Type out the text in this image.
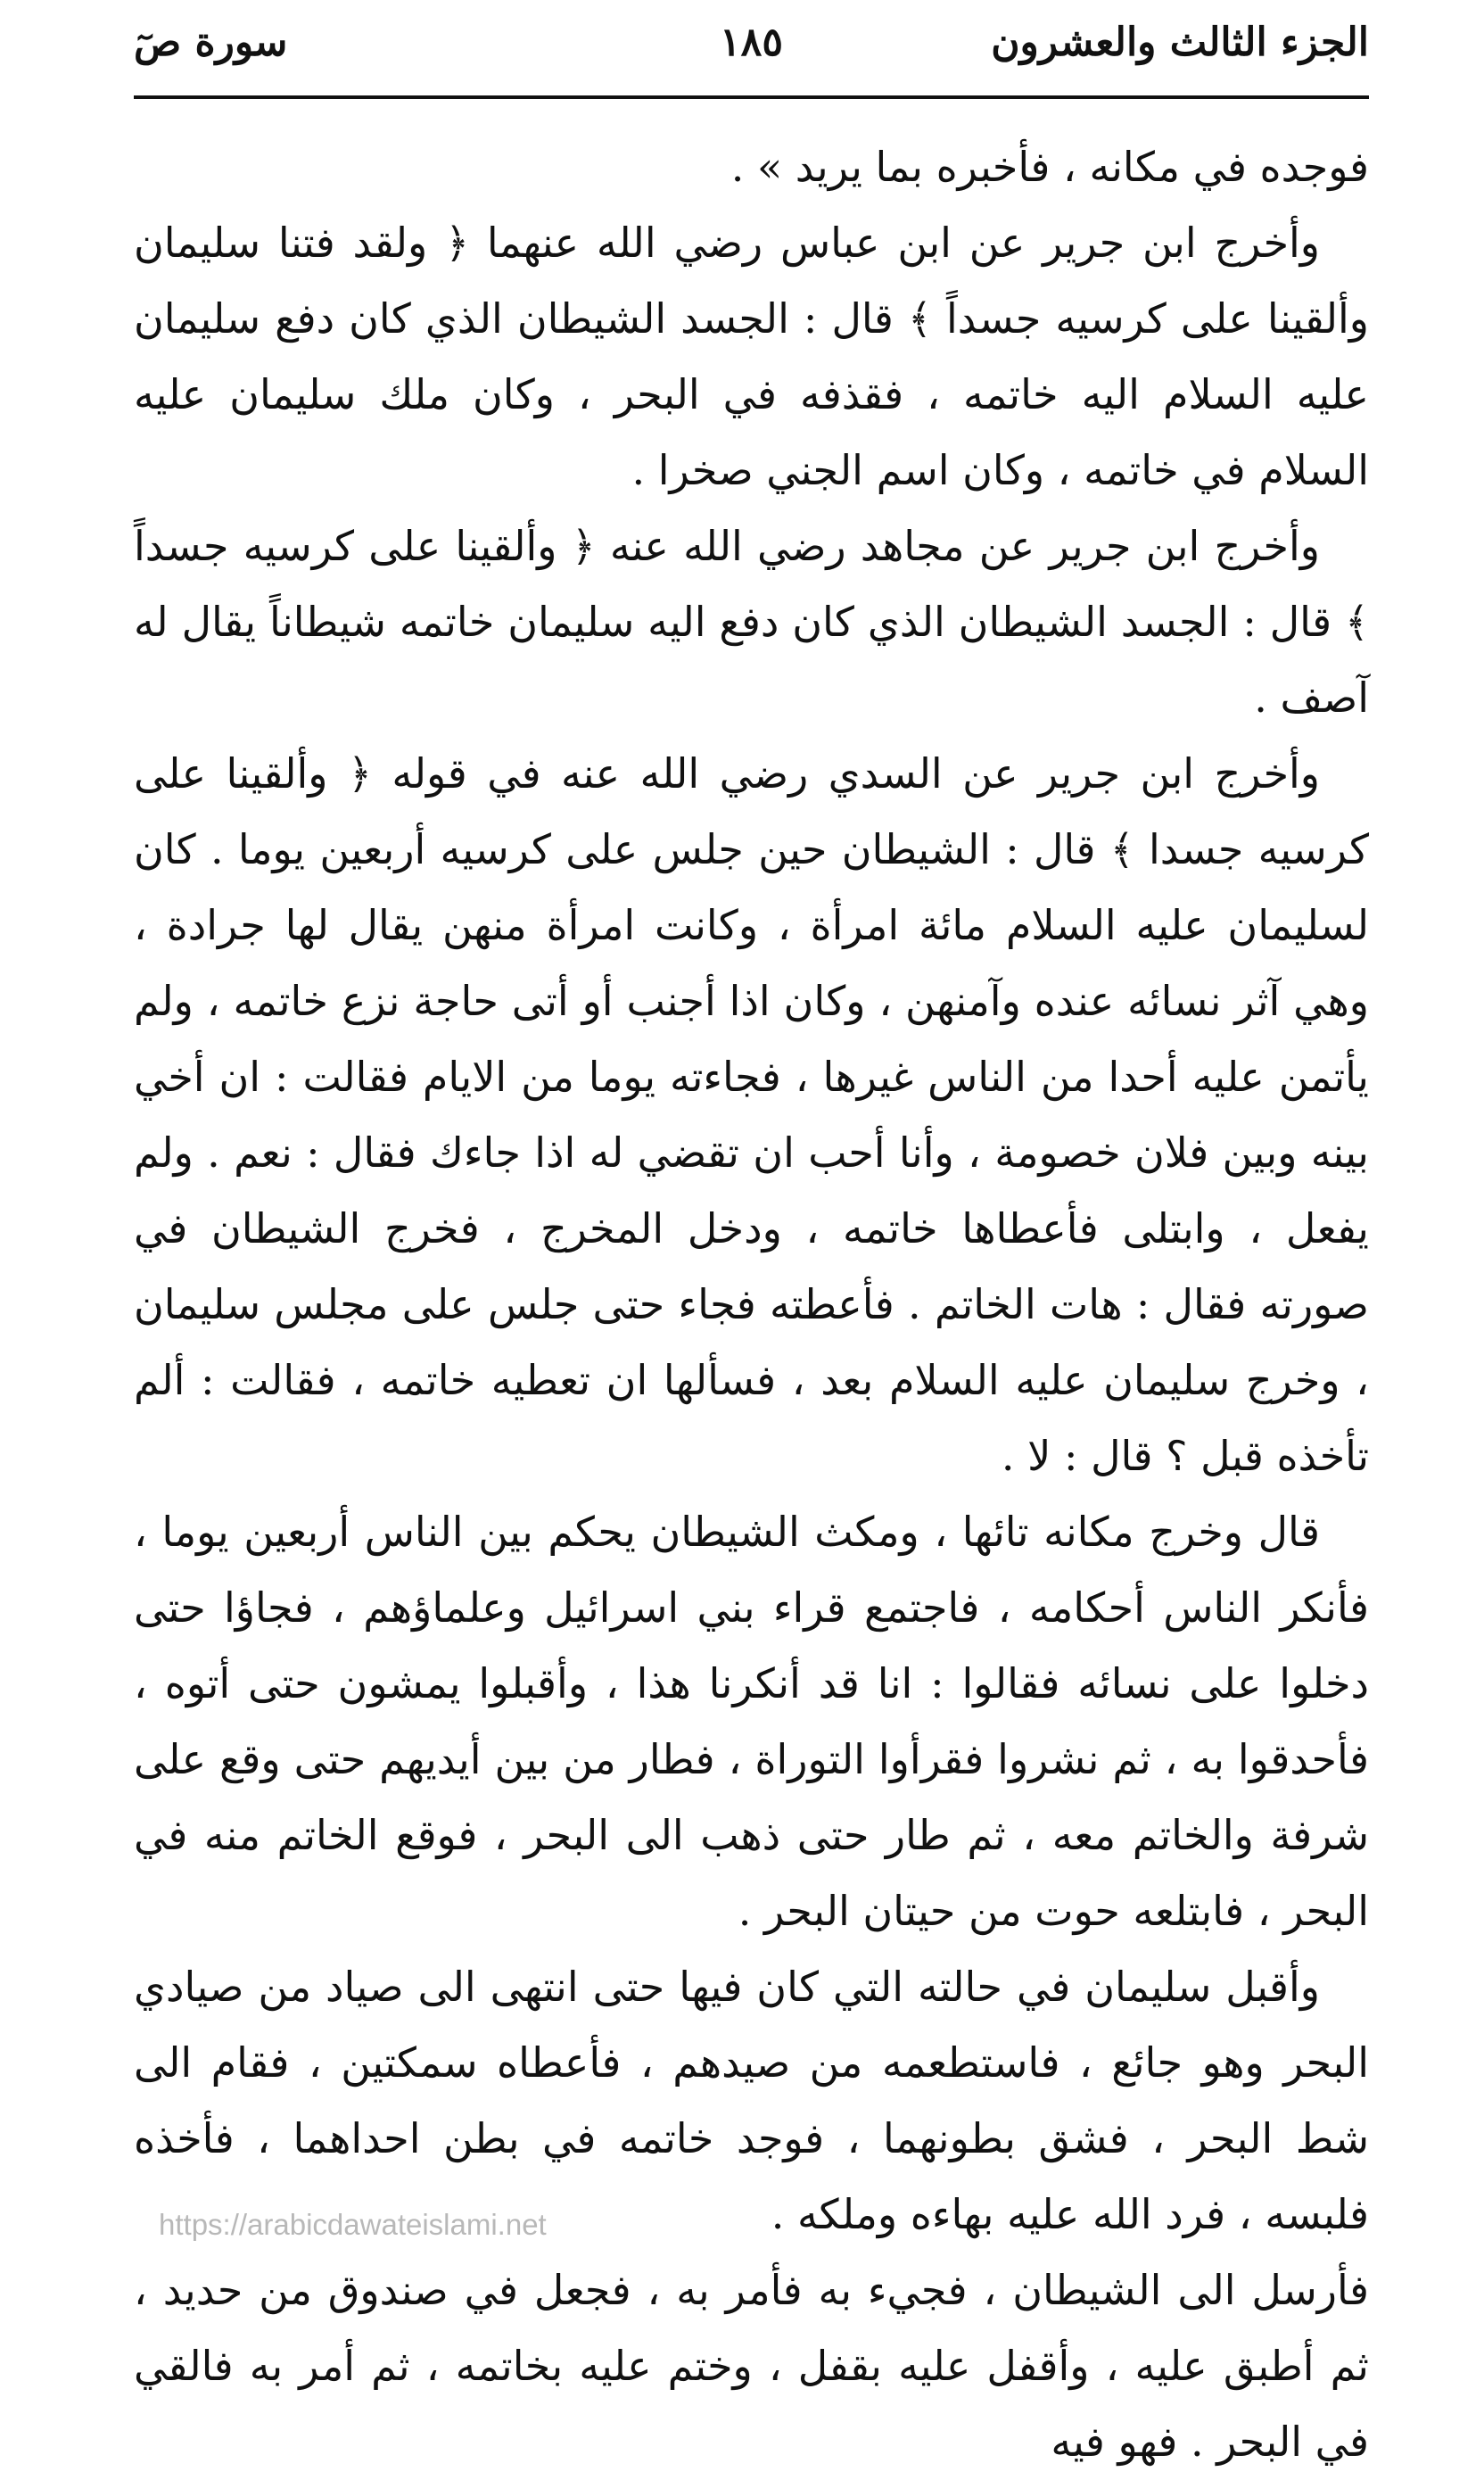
الجزء الثالث والعشرون
١٨٥
سورة صٓ

فوجده في مكانه ، فأخبره بما يريد » .

وأخرج ابن جرير عن ابن عباس رضي الله عنهما ﴿ ولقد فتنا سليمان وألقينا على كرسيه جسداً ﴾ قال : الجسد الشيطان الذي كان دفع سليمان عليه السلام اليه خاتمه ، فقذفه في البحر ، وكان ملك سليمان عليه السلام في خاتمه ، وكان اسم الجني صخرا .

وأخرج ابن جرير عن مجاهد رضي الله عنه ﴿ وألقينا على كرسيه جسداً ﴾ قال : الجسد الشيطان الذي كان دفع اليه سليمان خاتمه شيطاناً يقال له آصف .

وأخرج ابن جرير عن السدي رضي الله عنه في قوله ﴿ وألقينا على كرسيه جسدا ﴾ قال : الشيطان حين جلس على كرسيه أربعين يوما . كان لسليمان عليه السلام مائة امرأة ، وكانت امرأة منهن يقال لها جرادة ، وهي آثر نسائه عنده وآمنهن ، وكان اذا أجنب أو أتى حاجة نزع خاتمه ، ولم يأتمن عليه أحدا من الناس غيرها ، فجاءته يوما من الايام فقالت : ان أخي بينه وبين فلان خصومة ، وأنا أحب ان تقضي له اذا جاءك فقال : نعم . ولم يفعل ، وابتلى فأعطاها خاتمه ، ودخل المخرج ، فخرج الشيطان في صورته فقال : هات الخاتم . فأعطته فجاء حتى جلس على مجلس سليمان ، وخرج سليمان عليه السلام بعد ، فسألها ان تعطيه خاتمه ، فقالت : ألم تأخذه قبل ؟ قال : لا .

قال وخرج مكانه تائها ، ومكث الشيطان يحكم بين الناس أربعين يوما ، فأنكر الناس أحكامه ، فاجتمع قراء بني اسرائيل وعلماؤهم ، فجاؤا حتى دخلوا على نسائه فقالوا : انا قد أنكرنا هذا ، وأقبلوا يمشون حتى أتوه ، فأحدقوا به ، ثم نشروا فقرأوا التوراة ، فطار من بين أيديهم حتى وقع على شرفة والخاتم معه ، ثم طار حتى ذهب الى البحر ، فوقع الخاتم منه في البحر ، فابتلعه حوت من حيتان البحر .

وأقبل سليمان في حالته التي كان فيها حتى انتهى الى صياد من صيادي البحر وهو جائع ، فاستطعمه من صيدهم ، فأعطاه سمكتين ، فقام الى شط البحر ، فشق بطونهما ، فوجد خاتمه في بطن احداهما ، فأخذه فلبسه ، فرد الله عليه بهاءه وملكه .

فأرسل الى الشيطان ، فجيء به فأمر به ، فجعل في صندوق من حديد ، ثم أطبق عليه ، وأقفل عليه بقفل ، وختم عليه بخاتمه ، ثم أمر به فالقي في البحر . فهو فيه

https://arabicdawateislami.net
